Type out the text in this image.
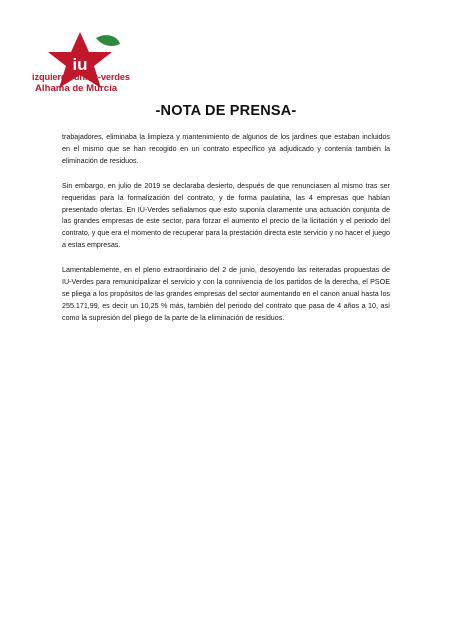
iu
izquierda unida-verdes
Alhama de Murcia
-NOTA DE PRENSA-

trabajadores, eliminaba la limpieza y mantenimiento de algunos de los jardines que estaban incluidos en el mismo que se han recogido en un contrato específico ya adjudicado y contenía también la eliminación de residuos.

Sin embargo, en julio de 2019 se declaraba desierto, después de que renunciasen al mismo tras ser requeridas para la formalización del contrato, y de forma paulatina, las 4 empresas que habían presentado ofertas. En IU-Verdes señalamos que esto suponía claramente una actuación conjunta de las grandes empresas de este sector, para forzar el aumento el precio de la licitación y el periodo del contrato, y que era el momento de recuperar para la prestación directa este servicio y no hacer el juego a estas empresas.

Lamentablemente, en el pleno extraordinario del 2 de junio, desoyendo las reiteradas propuestas de IU-Verdes para remunicipalizar el servicio y con la connivencia de los partidos de la derecha, el PSOE se pliega a los propósitos de las grandes empresas del sector aumentando en el canon anual hasta los 255.171,99, es decir un 10,25 % más, también del periodo del contrato que pasa de 4 años a 10, así como la supresión del pliego de la parte de la eliminación de residuos.
